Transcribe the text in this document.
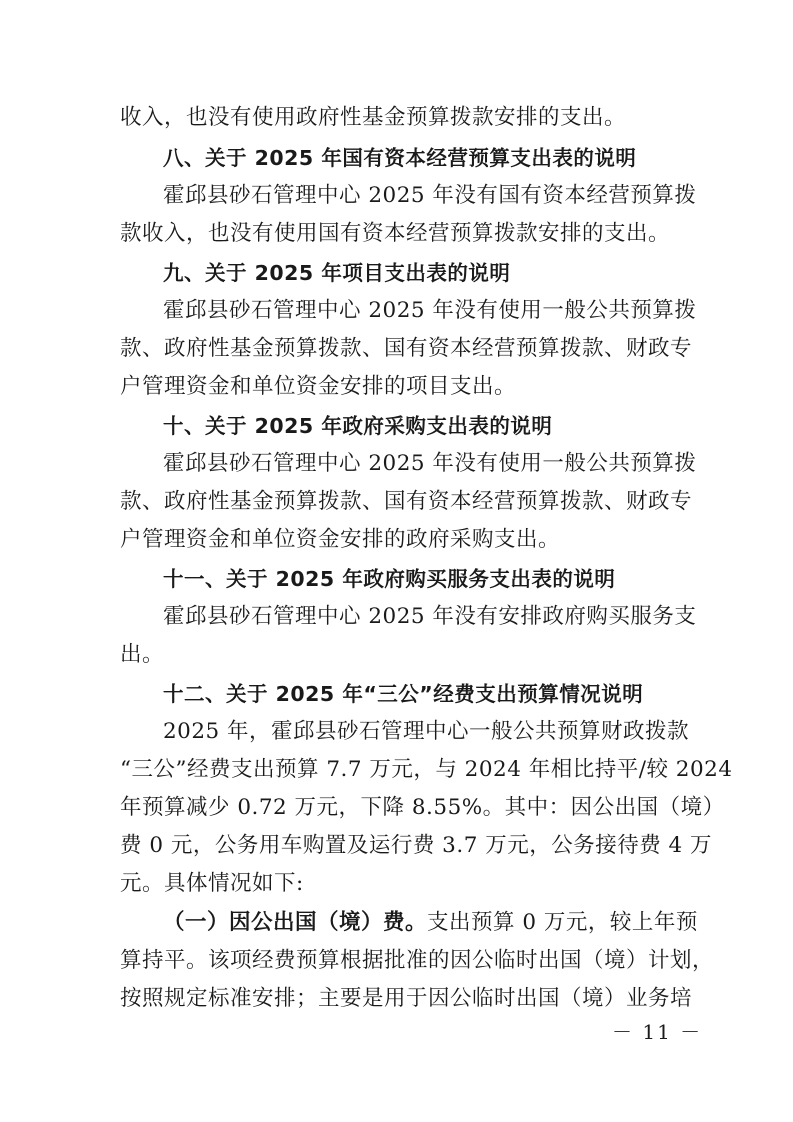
收入，也没有使用政府性基金预算拨款安排的支出。
八、关于 2025 年国有资本经营预算支出表的说明
霍邱县砂石管理中心 2025 年没有国有资本经营预算拨
款收入，也没有使用国有资本经营预算拨款安排的支出。
九、关于 2025 年项目支出表的说明
霍邱县砂石管理中心 2025 年没有使用一般公共预算拨
款、政府性基金预算拨款、国有资本经营预算拨款、财政专
户管理资金和单位资金安排的项目支出。
十、关于 2025 年政府采购支出表的说明
霍邱县砂石管理中心 2025 年没有使用一般公共预算拨
款、政府性基金预算拨款、国有资本经营预算拨款、财政专
户管理资金和单位资金安排的政府采购支出。
十一、关于 2025 年政府购买服务支出表的说明
霍邱县砂石管理中心 2025 年没有安排政府购买服务支
出。
十二、关于 2025 年“三公”经费支出预算情况说明
2025 年，霍邱县砂石管理中心一般公共预算财政拨款
“三公”经费支出预算 7.7 万元，与 2024 年相比持平/较 2024
年预算减少 0.72 万元，下降 8.55%。其中：因公出国（境）
费 0 元，公务用车购置及运行费 3.7 万元，公务接待费 4 万
元。具体情况如下:
（一）因公出国（境）费。支出预算 0 万元，较上年预
算持平。该项经费预算根据批准的因公临时出国（境）计划，
按照规定标准安排；主要是用于因公临时出国（境）业务培
－ 11 －
